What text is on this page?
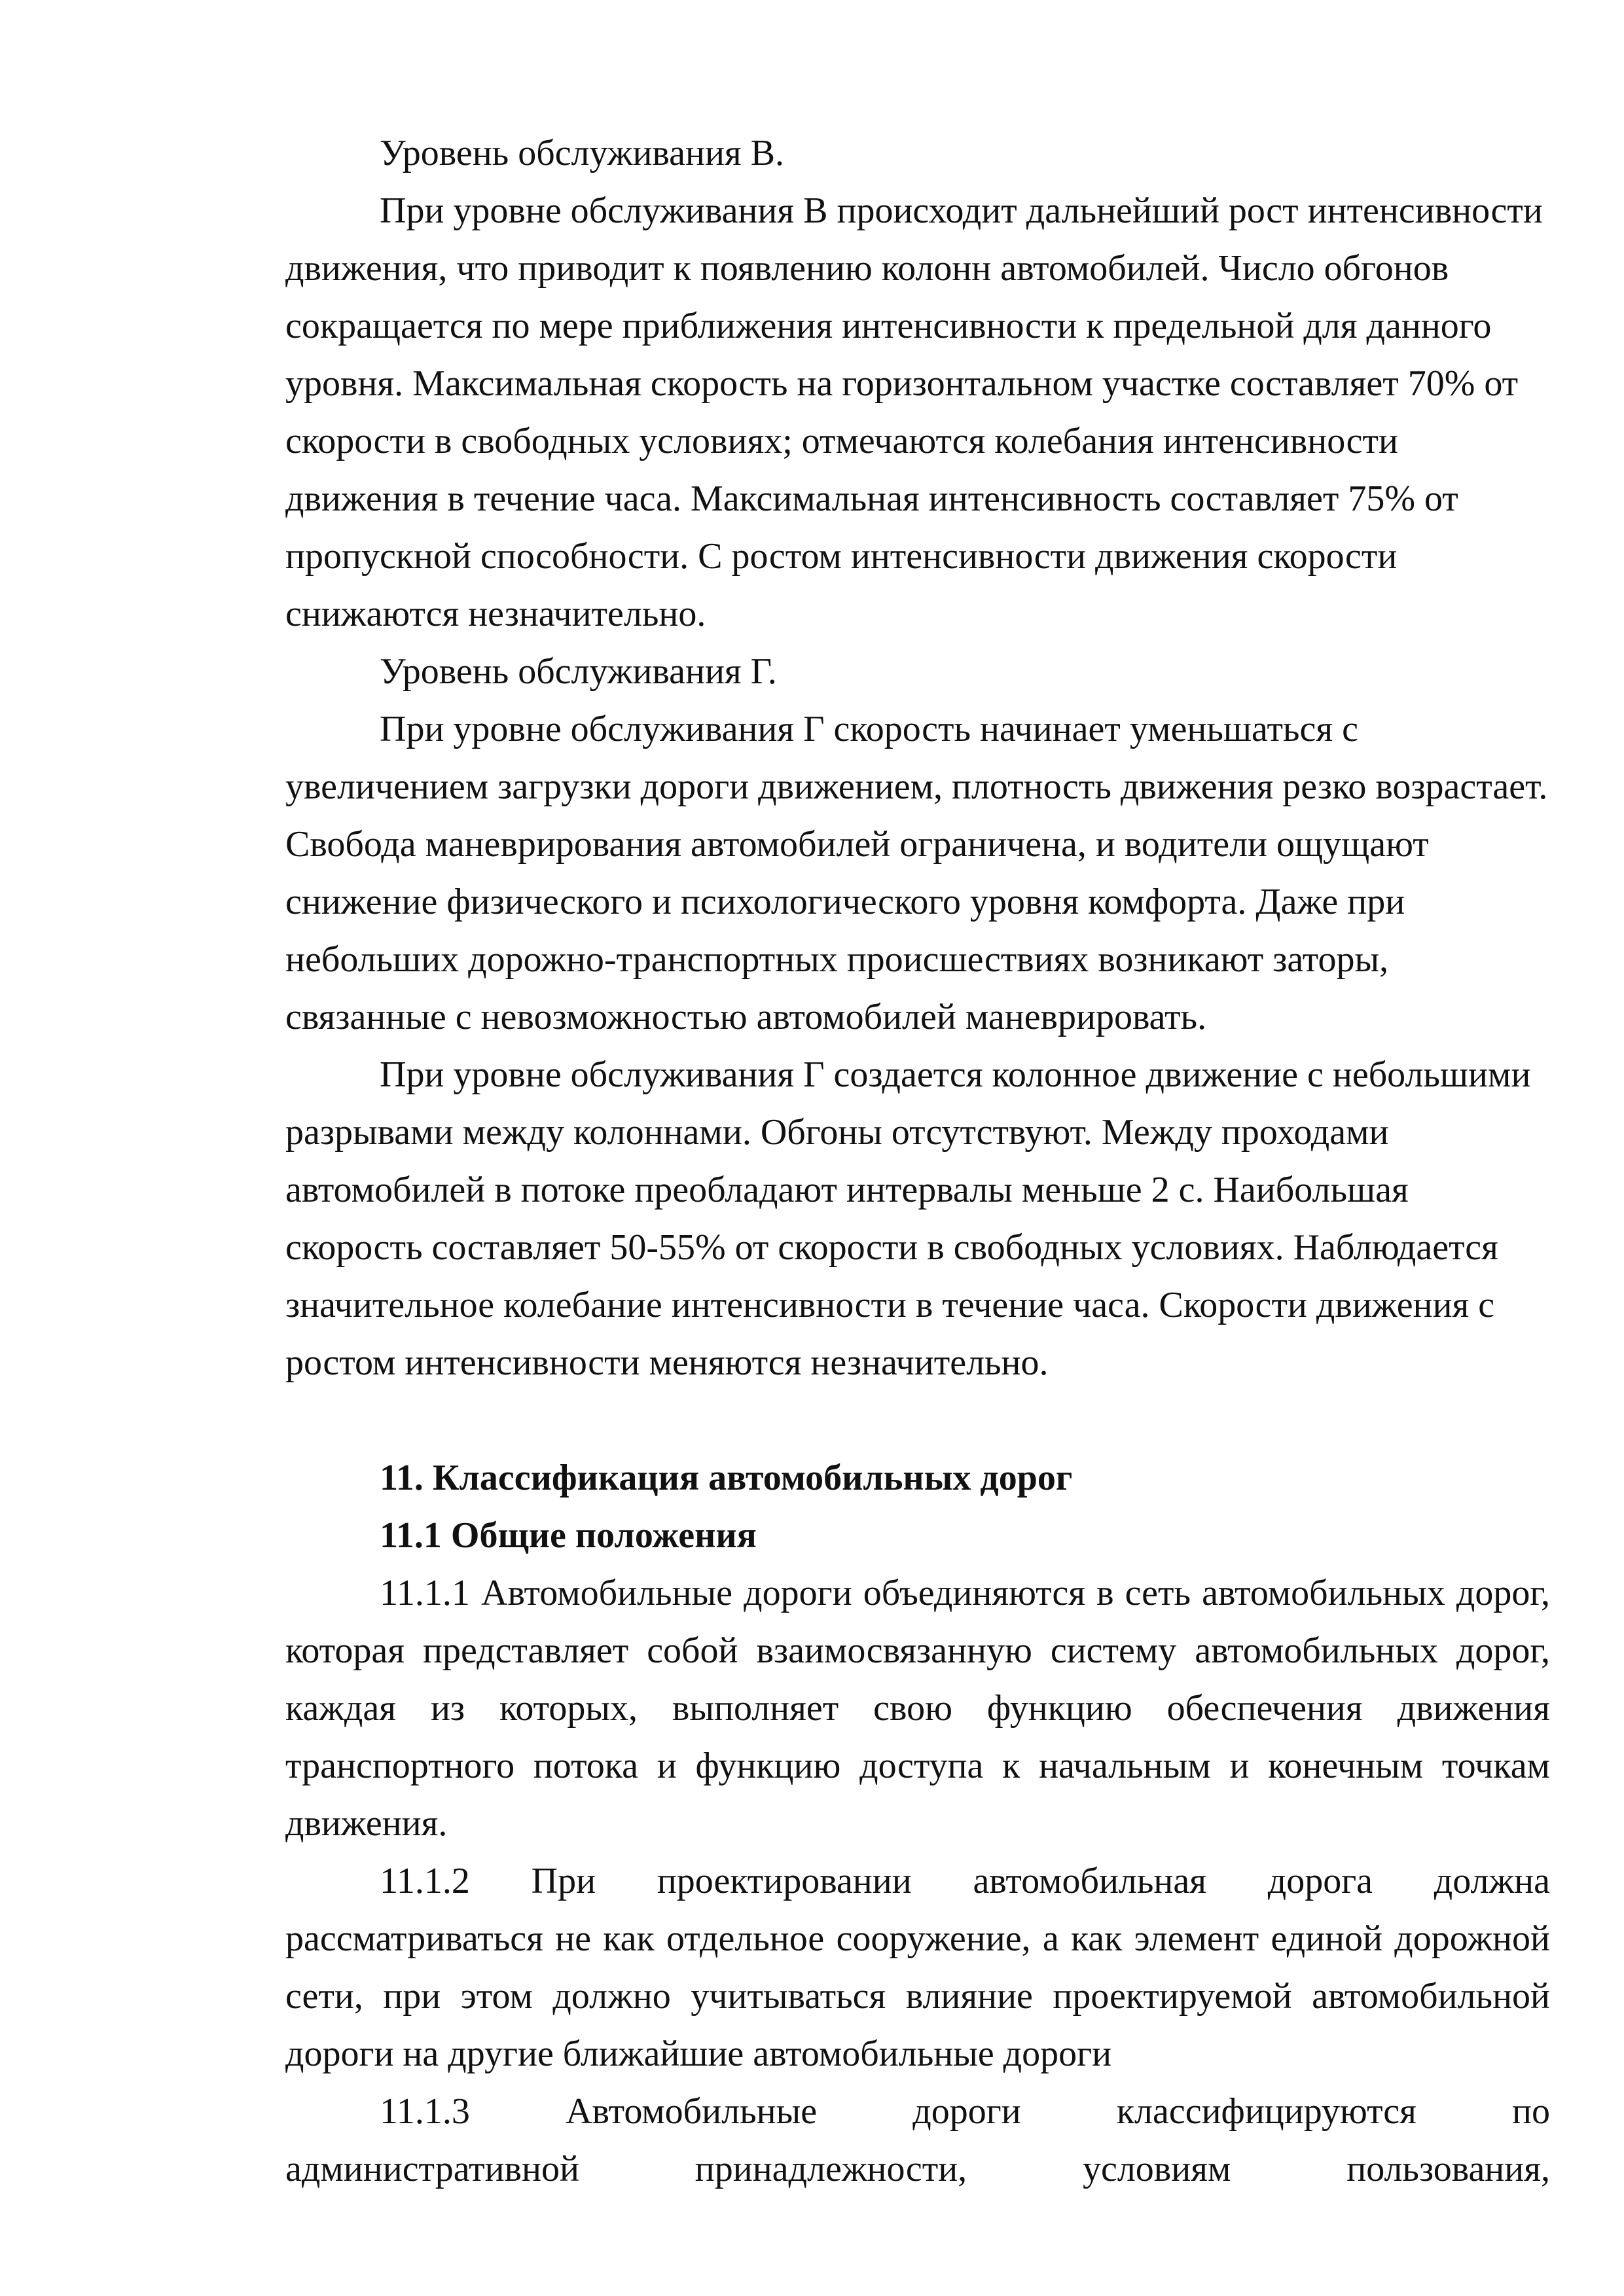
Уровень обслуживания В.

При уровне обслуживания В происходит дальнейший рост интенсивности движения, что приводит к появлению колонн автомобилей. Число обгонов сокращается по мере приближения интенсивности к предельной для данного уровня. Максимальная скорость на горизонтальном участке составляет 70% от скорости в свободных условиях; отмечаются колебания интенсивности движения в течение часа. Максимальная интенсивность составляет 75% от пропускной способности. С ростом интенсивности движения скорости снижаются незначительно.

Уровень обслуживания Г.

При уровне обслуживания Г скорость начинает уменьшаться с увеличением загрузки дороги движением, плотность движения резко возрастает. Свобода маневрирования автомобилей ограничена, и водители ощущают снижение физического и психологического уровня комфорта. Даже при небольших дорожно-транспортных происшествиях возникают заторы, связанные с невозможностью автомобилей маневрировать.

При уровне обслуживания Г создается колонное движение с небольшими разрывами между колоннами. Обгоны отсутствуют. Между проходами автомобилей в потоке преобладают интервалы меньше 2 с. Наибольшая скорость составляет 50-55% от скорости в свободных условиях. Наблюдается значительное колебание интенсивности в течение часа. Скорости движения с ростом интенсивности меняются незначительно.

11. Классификация автомобильных дорог

11.1 Общие положения

11.1.1 Автомобильные дороги объединяются в сеть автомобильных дорог, которая представляет собой взаимосвязанную систему автомобильных дорог, каждая из которых, выполняет свою функцию обеспечения движения транспортного потока и функцию доступа к начальным и конечным точкам движения.

11.1.2 При проектировании автомобильная дорога должна рассматриваться не как отдельное сооружение, а как элемент единой дорожной сети, при этом должно учитываться влияние проектируемой автомобильной дороги на другие ближайшие автомобильные дороги

11.1.3 Автомобильные дороги классифицируются по
административной принадлежности, условиям пользования,
